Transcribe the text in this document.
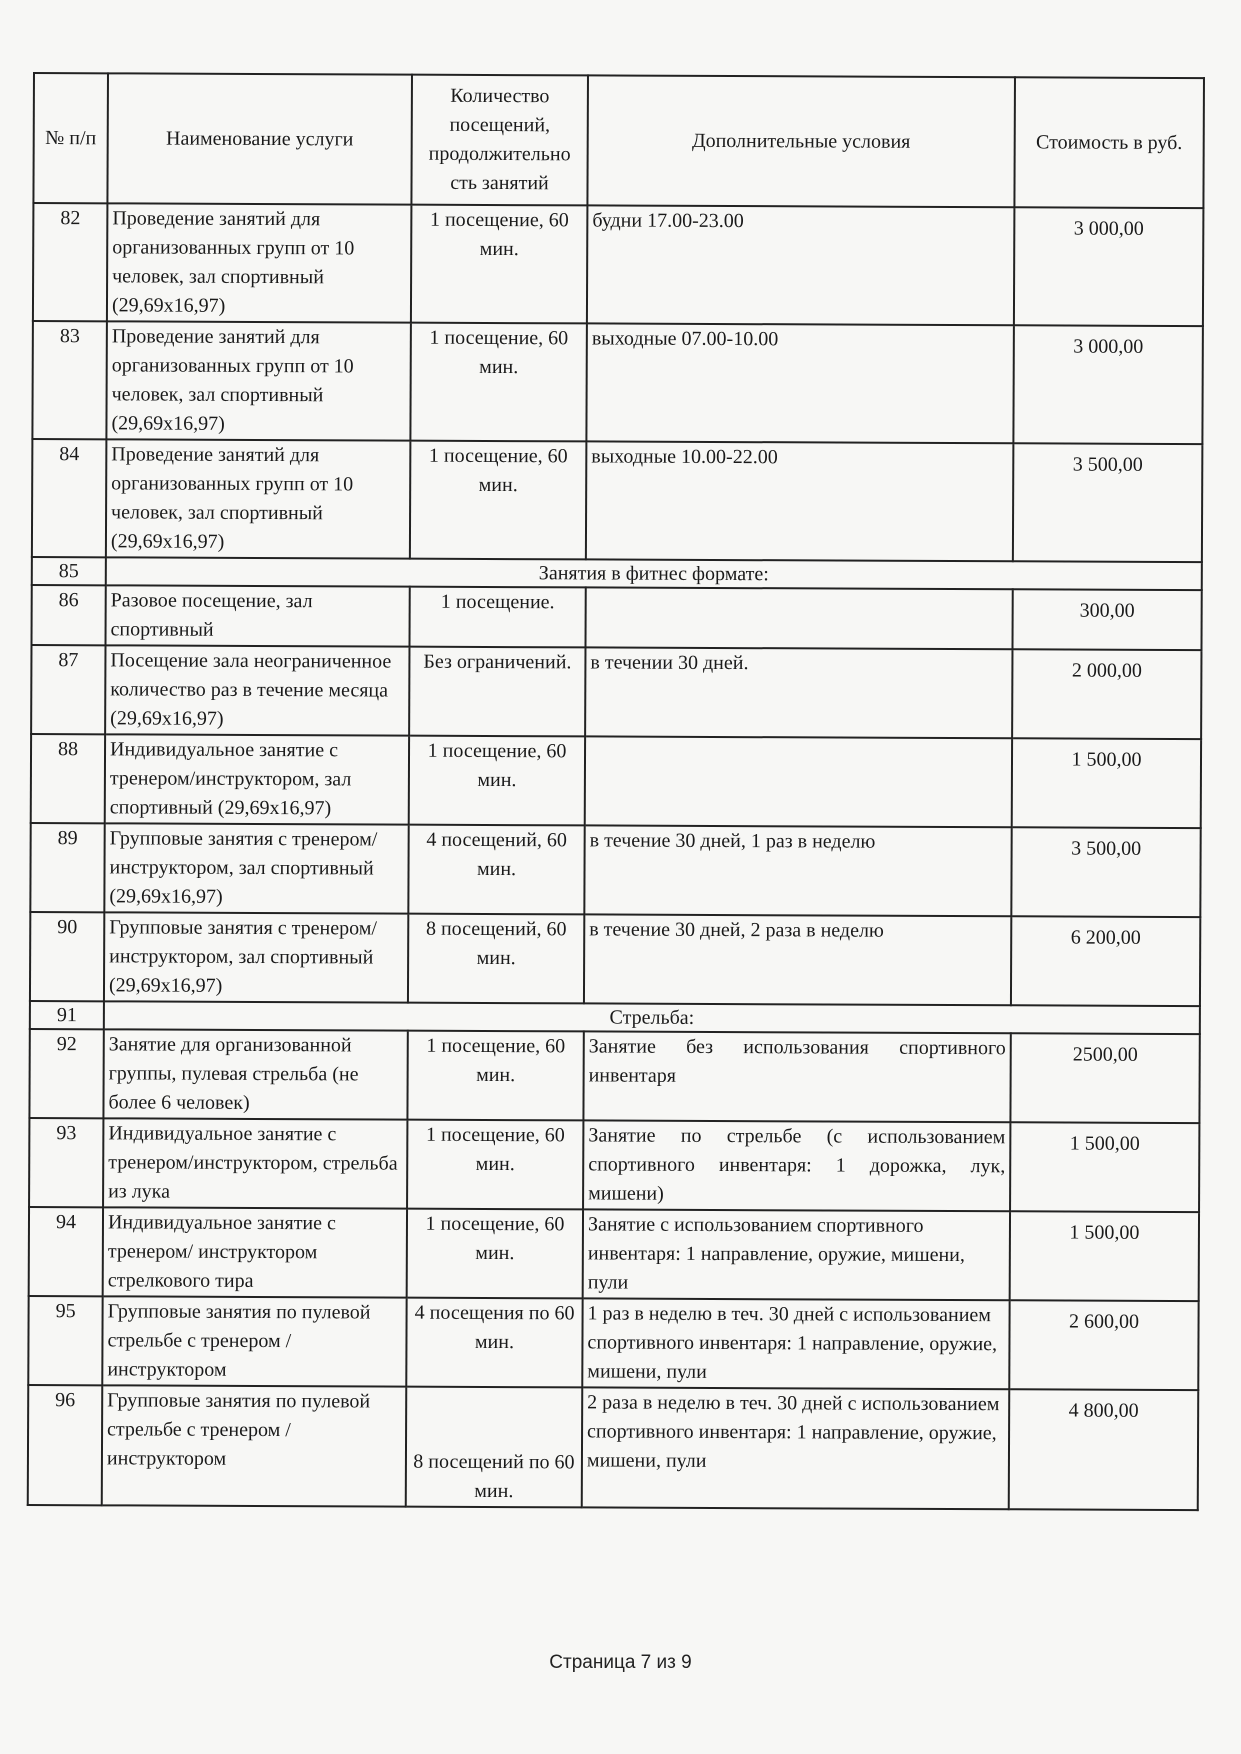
№ п/п	Наименование услуги	Количество посещений, продолжительно сть занятий	Дополнительные условия	Стоимость в руб.
82	Проведение занятий для организованных групп от 10 человек, зал спортивный (29,69x16,97)	1 посещение, 60 мин.	будни 17.00-23.00	3 000,00
83	Проведение занятий для организованных групп от 10 человек, зал спортивный (29,69x16,97)	1 посещение, 60 мин.	выходные 07.00-10.00	3 000,00
84	Проведение занятий для организованных групп от 10 человек, зал спортивный (29,69x16,97)	1 посещение, 60 мин.	выходные 10.00-22.00	3 500,00
85	Занятия в фитнес формате:			
86	Разовое посещение, зал спортивный	1 посещение.		300,00
87	Посещение зала неограниченное количество раз в течение месяца (29,69x16,97)	Без ограничений.	в течении 30 дней.	2 000,00
88	Индивидуальное занятие с тренером/инструктором, зал спортивный (29,69x16,97)	1 посещение, 60 мин.		1 500,00
89	Групповые занятия с тренером/инструктором, зал спортивный (29,69x16,97)	4 посещений, 60 мин.	в течение 30 дней, 1 раз в неделю	3 500,00
90	Групповые занятия с тренером/инструктором, зал спортивный (29,69x16,97)	8 посещений, 60 мин.	в течение 30 дней, 2 раза в неделю	6 200,00
91	Стрельба:			
92	Занятие для организованной группы, пулевая стрельба (не более 6 человек)	1 посещение, 60 мин.	Занятие без использования спортивного инвентаря	2500,00
93	Индивидуальное занятие с тренером/инструктором, стрельба из лука	1 посещение, 60 мин.	Занятие по стрельбе (с использованием спортивного инвентаря: 1 дорожка, лук, мишени)	1 500,00
94	Индивидуальное занятие с тренером/ инструктором стрелкового тира	1 посещение, 60 мин.	Занятие с использованием спортивного инвентаря: 1 направление, оружие, мишени, пули	1 500,00
95	Групповые занятия по пулевой стрельбе с тренером /инструктором	4 посещения по 60 мин.	1 раз в неделю в теч. 30 дней с использованием спортивного инвентаря: 1 направление, оружие, мишени, пули	2 600,00
96	Групповые занятия по пулевой стрельбе с тренером /инструктором	8 посещений по 60 мин.	2 раза в неделю в теч. 30 дней с использованием спортивного инвентаря: 1 направление, оружие, мишени, пули	4 800,00
Страница 7 из 9
